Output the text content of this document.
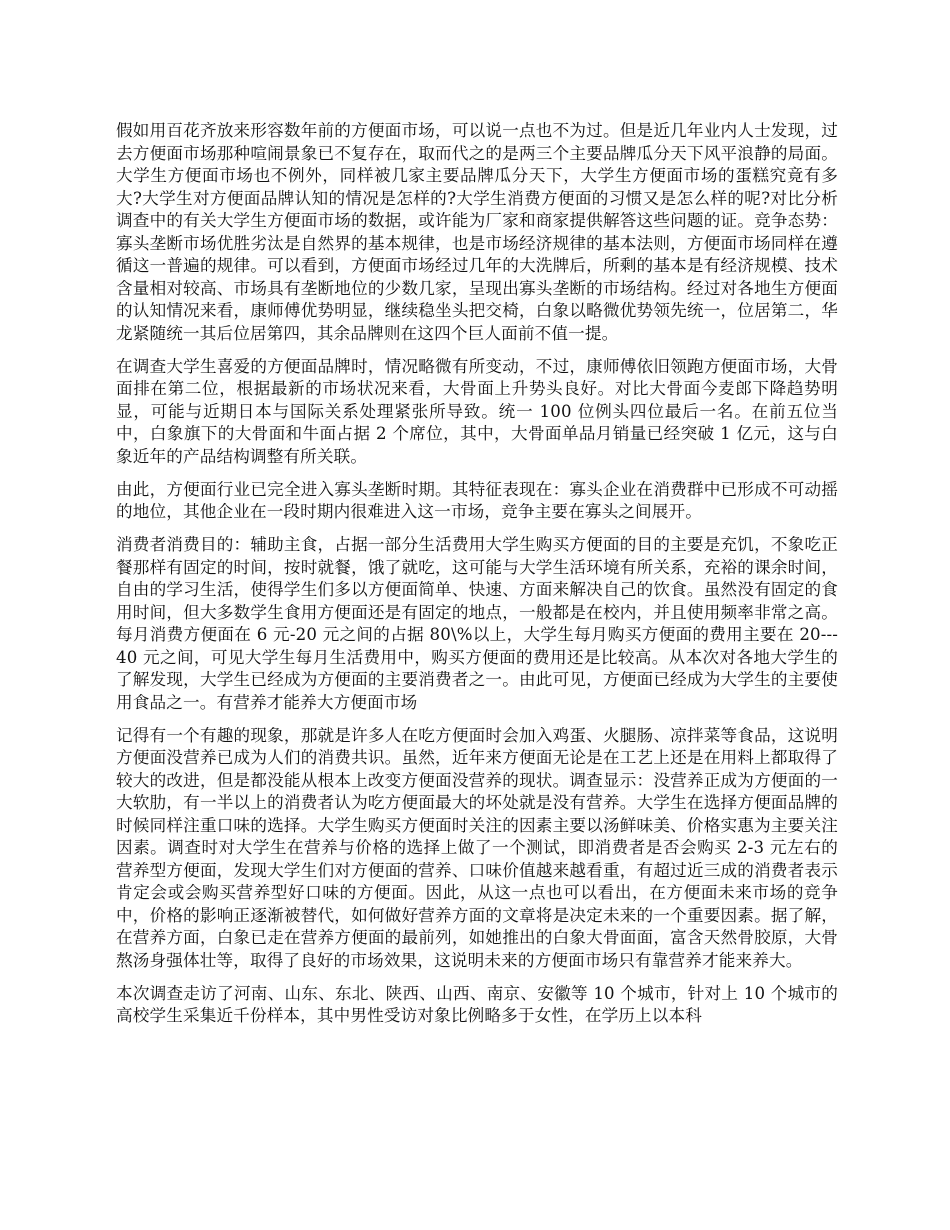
假如用百花齐放来形容数年前的方便面市场，可以说一点也不为过。但是近几年业内人士发现，过去方便面市场那种喧闹景象已不复存在，取而代之的是两三个主要品牌瓜分天下风平浪静的局面。大学生方便面市场也不例外，同样被几家主要品牌瓜分天下，大学生方便面市场的蛋糕究竟有多大?大学生对方便面品牌认知的情况是怎样的?大学生消费方便面的习惯又是怎么样的呢?对比分析调查中的有关大学生方便面市场的数据，或许能为厂家和商家提供解答这些问题的证。竞争态势：寡头垄断市场优胜劣汰是自然界的基本规律，也是市场经济规律的基本法则，方便面市场同样在遵循这一普遍的规律。可以看到，方便面市场经过几年的大洗牌后，所剩的基本是有经济规模、技术含量相对较高、市场具有垄断地位的少数几家，呈现出寡头垄断的市场结构。经过对各地生方便面的认知情况来看，康师傅优势明显，继续稳坐头把交椅，白象以略微优势领先统一，位居第二，华龙紧随统一其后位居第四，其余品牌则在这四个巨人面前不值一提。

在调查大学生喜爱的方便面品牌时，情况略微有所变动，不过，康师傅依旧领跑方便面市场，大骨面排在第二位，根据最新的市场状况来看，大骨面上升势头良好。对比大骨面今麦郎下降趋势明显，可能与近期日本与国际关系处理紧张所导致。统一 100 位例头四位最后一名。在前五位当中，白象旗下的大骨面和牛面占据 2 个席位，其中，大骨面单品月销量已经突破 1 亿元，这与白象近年的产品结构调整有所关联。

由此，方便面行业已完全进入寡头垄断时期。其特征表现在：寡头企业在消费群中已形成不可动摇的地位，其他企业在一段时期内很难进入这一市场，竞争主要在寡头之间展开。

消费者消费目的：辅助主食，占据一部分生活费用大学生购买方便面的目的主要是充饥，不象吃正餐那样有固定的时间，按时就餐，饿了就吃，这可能与大学生活环境有所关系，充裕的课余时间，自由的学习生活，使得学生们多以方便面简单、快速、方面来解决自己的饮食。虽然没有固定的食用时间，但大多数学生食用方便面还是有固定的地点，一般都是在校内，并且使用频率非常之高。每月消费方便面在 6 元-20 元之间的占据 80\%以上，大学生每月购买方便面的费用主要在 20---40 元之间，可见大学生每月生活费用中，购买方便面的费用还是比较高。从本次对各地大学生的了解发现，大学生已经成为方便面的主要消费者之一。由此可见，方便面已经成为大学生的主要使用食品之一。有营养才能养大方便面市场

记得有一个有趣的现象，那就是许多人在吃方便面时会加入鸡蛋、火腿肠、凉拌菜等食品，这说明方便面没营养已成为人们的消费共识。虽然，近年来方便面无论是在工艺上还是在用料上都取得了较大的改进，但是都没能从根本上改变方便面没营养的现状。调查显示：没营养正成为方便面的一大软肋，有一半以上的消费者认为吃方便面最大的坏处就是没有营养。大学生在选择方便面品牌的时候同样注重口味的选择。大学生购买方便面时关注的因素主要以汤鲜味美、价格实惠为主要关注因素。调查时对大学生在营养与价格的选择上做了一个测试，即消费者是否会购买 2-3 元左右的营养型方便面，发现大学生们对方便面的营养、口味价值越来越看重，有超过近三成的消费者表示肯定会或会购买营养型好口味的方便面。因此，从这一点也可以看出，在方便面未来市场的竞争中，价格的影响正逐渐被替代，如何做好营养方面的文章将是决定未来的一个重要因素。据了解，在营养方面，白象已走在营养方便面的最前列，如她推出的白象大骨面面，富含天然骨胶原，大骨熬汤身强体壮等，取得了良好的市场效果，这说明未来的方便面市场只有靠营养才能来养大。

本次调查走访了河南、山东、东北、陕西、山西、南京、安徽等 10 个城市，针对上 10 个城市的高校学生采集近千份样本，其中男性受访对象比例略多于女性，在学历上以本科
